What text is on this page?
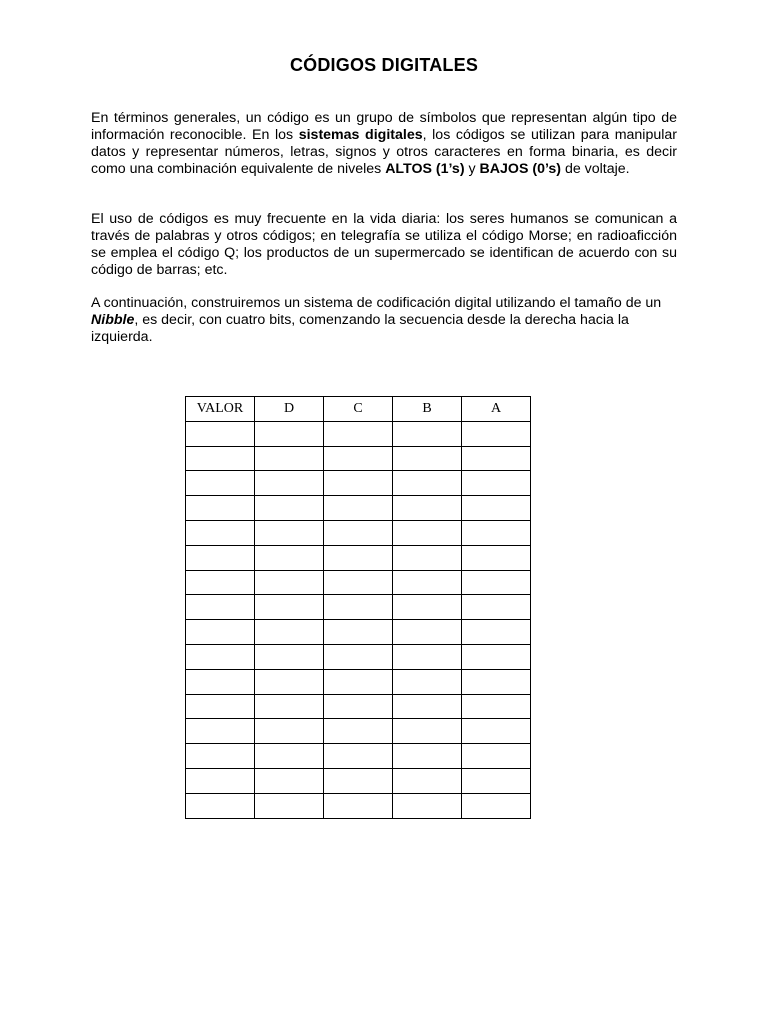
CÓDIGOS DIGITALES
En términos generales, un código es un grupo de símbolos que representan algún tipo de información reconocible. En los sistemas digitales, los códigos se utilizan para manipular datos y representar números, letras, signos y otros caracteres en forma binaria, es decir como una combinación equivalente de niveles ALTOS (1’s) y BAJOS (0’s) de voltaje.
El uso de códigos es muy frecuente en la vida diaria: los seres humanos se comunican a través de palabras y otros códigos; en telegrafía se utiliza el código Morse; en radioaficción se emplea el código Q; los productos de un supermercado se identifican de acuerdo con su código de barras; etc.
A continuación, construiremos un sistema de codificación digital utilizando el tamaño de un Nibble, es decir, con cuatro bits, comenzando la secuencia desde la derecha hacia la izquierda.
VALOR	D	C	B	A
